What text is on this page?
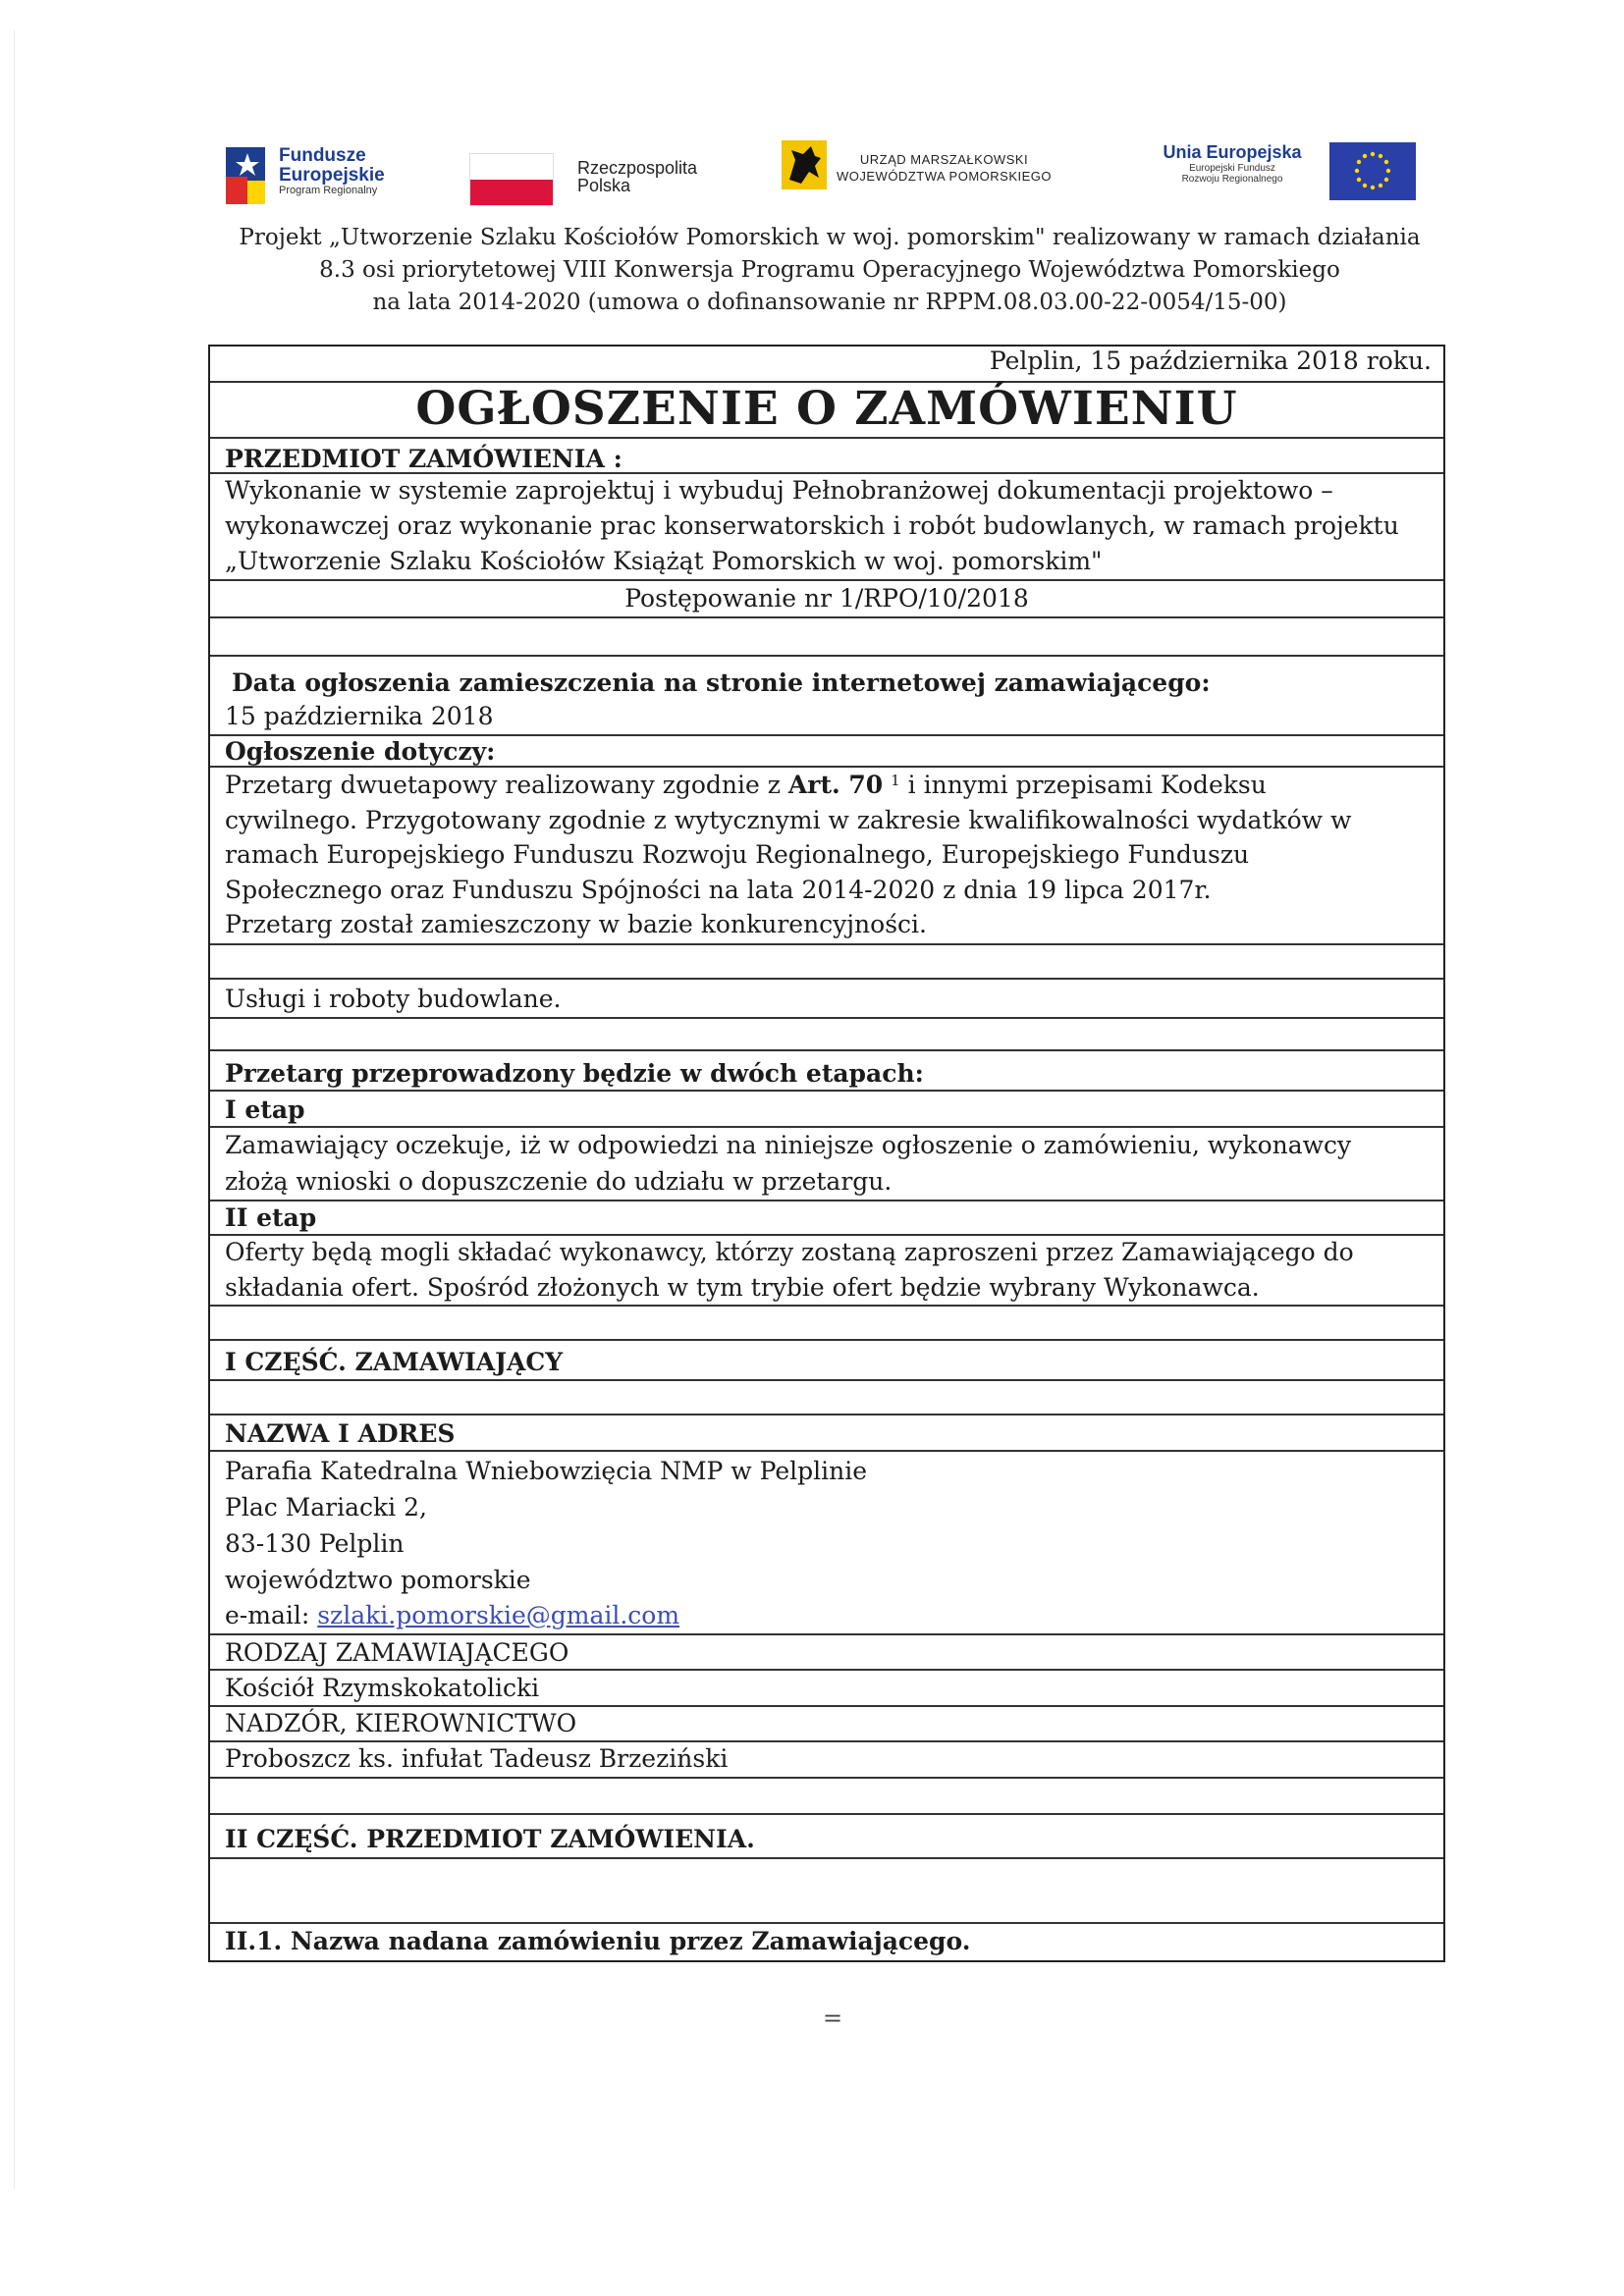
Fundusze
Europejskie
Program Regionalny
Rzeczpospolita
Polska
URZĄD MARSZAŁKOWSKI
WOJEWÓDZTWA POMORSKIEGO
Unia Europejska
Europejski Fundusz
Rozwoju Regionalnego
Projekt „Utworzenie Szlaku Kościołów Pomorskich w woj. pomorskim" realizowany w ramach działania
8.3 osi priorytetowej VIII Konwersja Programu Operacyjnego Województwa Pomorskiego
na lata 2014-2020 (umowa o dofinansowanie nr RPPM.08.03.00-22-0054/15-00)
Pelplin, 15 października 2018 roku.
OGŁOSZENIE O ZAMÓWIENIU
PRZEDMIOT ZAMÓWIENIA :
Wykonanie w systemie zaprojektuj i wybuduj Pełnobranżowej dokumentacji projektowo –
wykonawczej oraz wykonanie prac konserwatorskich i robót budowlanych, w ramach projektu
„Utworzenie Szlaku Kościołów Książąt Pomorskich w woj. pomorskim"
Postępowanie nr 1/RPO/10/2018
Data ogłoszenia zamieszczenia na stronie internetowej zamawiającego:
15 października 2018
Ogłoszenie dotyczy:
Przetarg dwuetapowy realizowany zgodnie z Art. 70 $^1$ i innymi przepisami Kodeksu
cywilnego. Przygotowany zgodnie z wytycznymi w zakresie kwalifikowalności wydatków w
ramach Europejskiego Funduszu Rozwoju Regionalnego, Europejskiego Funduszu
Społecznego oraz Funduszu Spójności na lata 2014-2020 z dnia 19 lipca 2017r.
Przetarg został zamieszczony w bazie konkurencyjności.
Usługi i roboty budowlane.
Przetarg przeprowadzony będzie w dwóch etapach:
I etap
Zamawiający oczekuje, iż w odpowiedzi na niniejsze ogłoszenie o zamówieniu, wykonawcy
złożą wnioski o dopuszczenie do udziału w przetargu.
II etap
Oferty będą mogli składać wykonawcy, którzy zostaną zaproszeni przez Zamawiającego do
składania ofert. Spośród złożonych w tym trybie ofert będzie wybrany Wykonawca.
I CZĘŚĆ. ZAMAWIAJĄCY
NAZWA I ADRES
Parafia Katedralna Wniebowzięcia NMP w Pelplinie
Plac Mariacki 2,
83-130 Pelplin
województwo pomorskie
e-mail: szlaki.pomorskie@gmail.com
RODZAJ ZAMAWIAJĄCEGO
Kościół Rzymskokatolicki
NADZÓR, KIEROWNICTWO
Proboszcz ks. infułat Tadeusz Brzeziński
II CZĘŚĆ. PRZEDMIOT ZAMÓWIENIA.
II.1. Nazwa nadana zamówieniu przez Zamawiającego.
=
